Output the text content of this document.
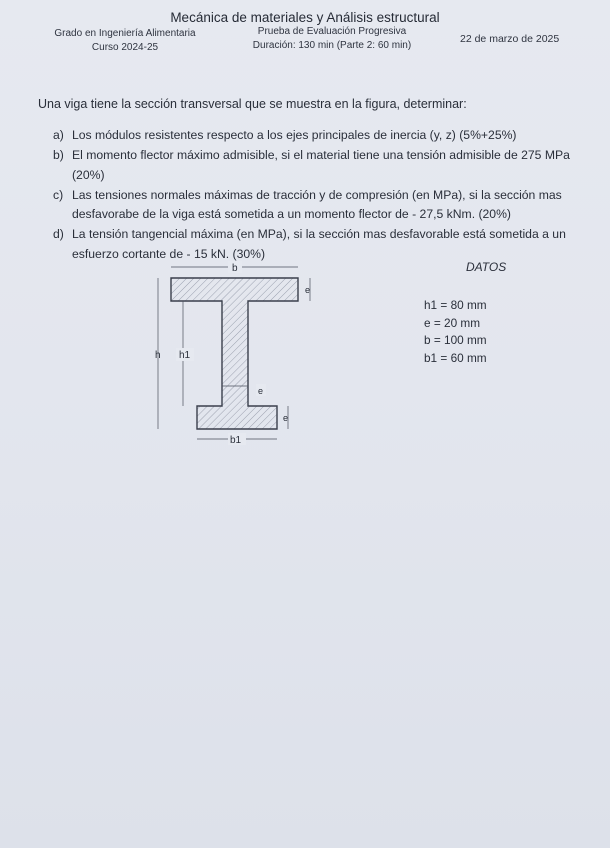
Mecánica de materiales y Análisis estructural
Grado en Ingeniería Alimentaria
Curso 2024-25
Prueba de Evaluación Progresiva
Duración: 130 min (Parte 2: 60 min)
22 de marzo de 2025
Una viga tiene la sección transversal que se muestra en la figura, determinar:
a) Los módulos resistentes respecto a los ejes principales de inercia (y, z) (5%+25%)
b) El momento flector máximo admisible, si el material tiene una tensión admisible de 275 MPa (20%)
c) Las tensiones normales máximas de tracción y de compresión (en MPa), si la sección mas desfavorabe de la viga está sometida a un momento flector de - 27,5 kNm. (20%)
d) La tensión tangencial máxima (en MPa), si la sección mas desfavorable está sometida a un esfuerzo cortante de - 15 kN. (30%)
b
e
h h1
e
e
b1
DATOS
h1 = 80 mm
e = 20 mm
b = 100 mm
b1 = 60 mm
